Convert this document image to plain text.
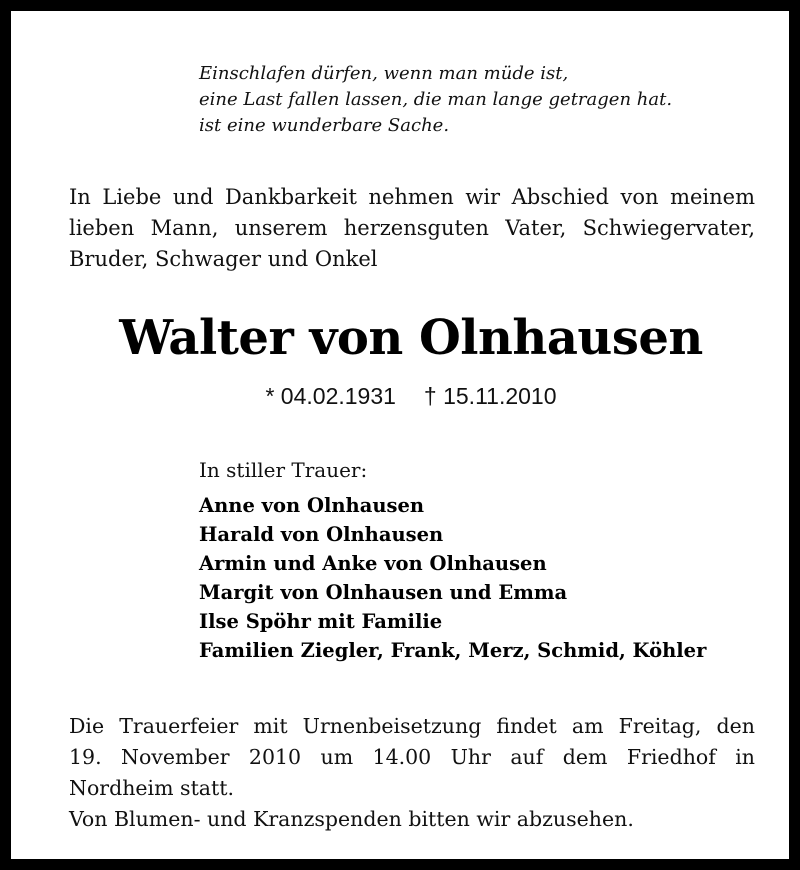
Einschlafen dürfen, wenn man müde ist,
eine Last fallen lassen, die man lange getragen hat.
ist eine wunderbare Sache.
In Liebe und Dankbarkeit nehmen wir Abschied von meinem
lieben Mann, unserem herzensguten Vater, Schwiegervater,
Bruder, Schwager und Onkel
Walter von Olnhausen
* 04.02.1931 † 15.11.2010
In stiller Trauer:
Anne von Olnhausen
Harald von Olnhausen
Armin und Anke von Olnhausen
Margit von Olnhausen und Emma
Ilse Spöhr mit Familie
Familien Ziegler, Frank, Merz, Schmid, Köhler
Die Trauerfeier mit Urnenbeisetzung findet am Freitag, den
19. November 2010 um 14.00 Uhr auf dem Friedhof in
Nordheim statt.
Von Blumen- und Kranzspenden bitten wir abzusehen.
